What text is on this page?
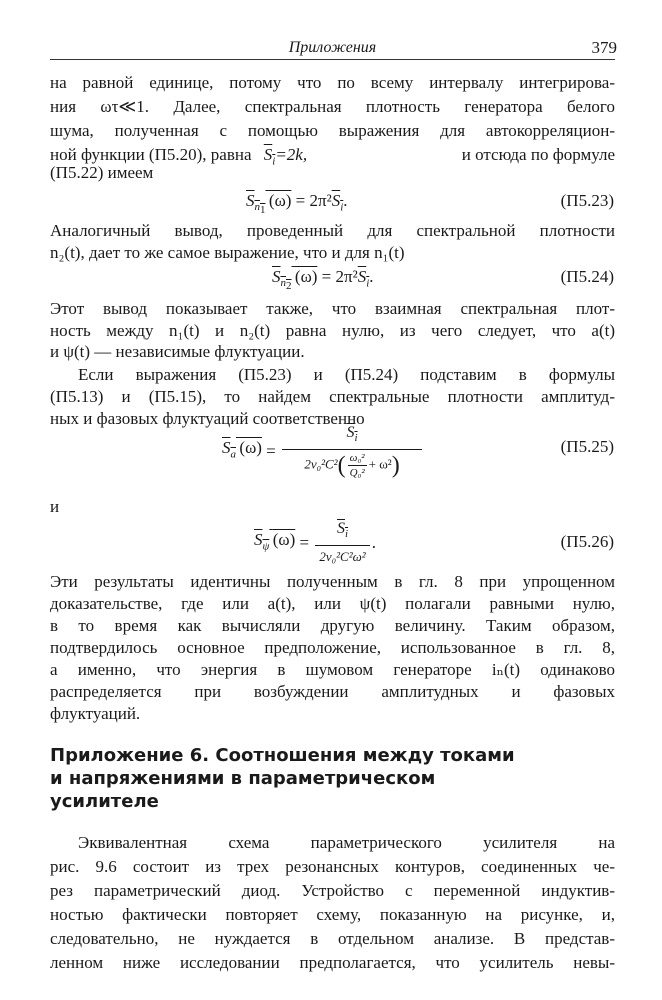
Приложения	379
на равной единице, потому что по всему интервалу интегрирова-
ния ωτ≪1. Далее, спектральная плотность генератора белого
шума, полученная с помощью выражения для автокорреляцион-
ной функции (П5.20), равна $S_i=2k$,	и отсюда по формуле
(П5.22) имеем
$S_{n_1}$ $(\omega) = 2\pi^2S_i$.	(П5.23)
Аналогичный вывод, проведенный для спектральной плотности
n₂(t), дает то же самое выражение, что и для n₁(t)
$S_{n_2}$ $(\omega) = 2\pi^2S_i$.	(П5.24)
Этот вывод показывает также, что взаимная спектральная плот-
ность между n₁(t) и n₂(t) равна нулю, из чего следует, что a(t)
и ψ(t) — независимые флуктуации.
Если выражения (П5.23) и (П5.24) подставим в формулы
(П5.13) и (П5.15), то найдем спектральные плотности амплитуд-
ных и фазовых флуктуаций соответственно
$S_a$  $(\omega) = \frac{S_i}{2v_0^2C^2( \frac{\text{ω₀²}}{\text{Q₀²}} + \omega^2)}$	(П5.25)
и
$S_\psi$  $(\omega) = \frac{S_i}{\text{2v₀²C²ω²}}$ .	(П5.26)
Эти результаты идентичны полученным в гл. 8 при упрощенном
доказательстве, где или a(t), или ψ(t) полагали равными нулю,
в то время как вычисляли другую величину. Таким образом,
подтвердилось основное предположение, использованное в гл. 8,
а именно, что энергия в шумовом генераторе iₙ(t) одинаково
распределяется при возбуждении амплитудных и фазовых
флуктуаций.
Приложение 6. Соотношения между токами
и напряжениями в параметрическом
усилителе
Эквивалентная схема параметрического усилителя на
рис. 9.6 состоит из трех резонансных контуров, соединенных че-
рез параметрический диод. Устройство с переменной индуктив-
ностью фактически повторяет схему, показанную на рисунке, и,
следовательно, не нуждается в отдельном анализе. В представ-
ленном ниже исследовании предполагается, что усилитель невы-
